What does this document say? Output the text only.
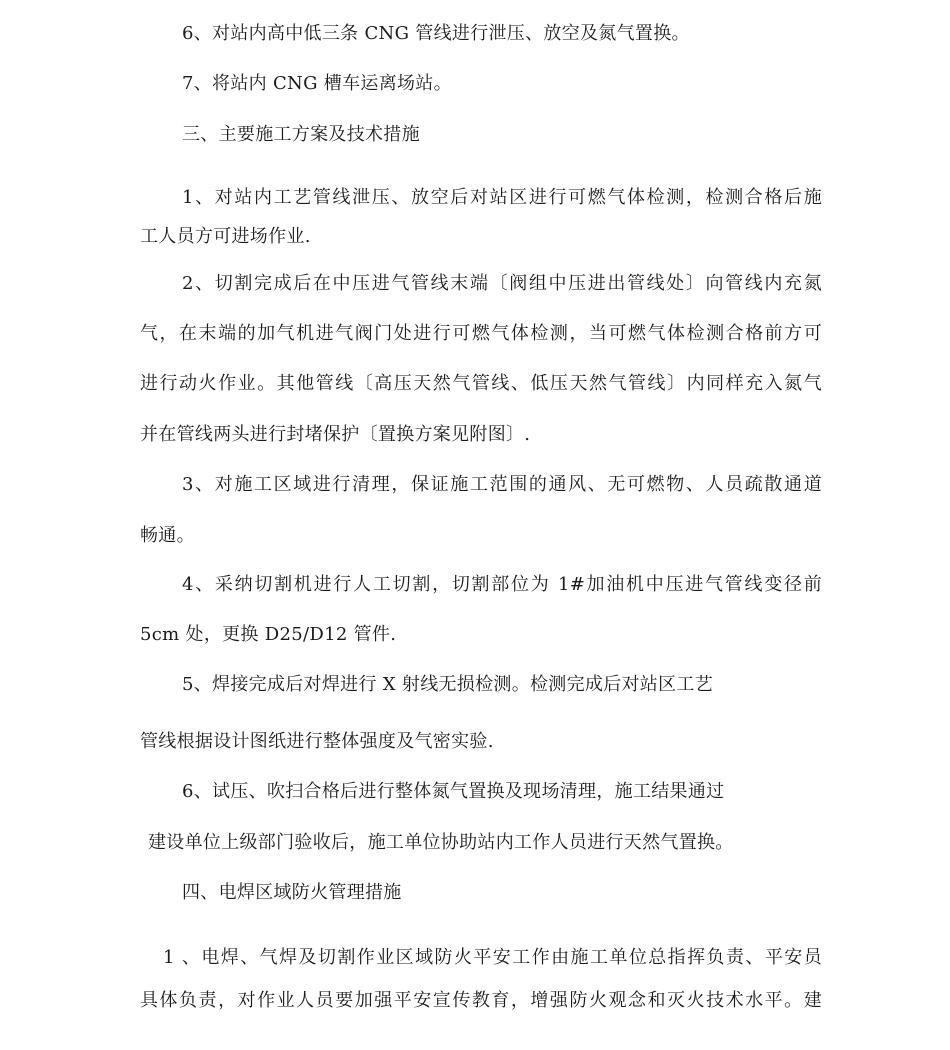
6、对站内高中低三条 CNG 管线进行泄压、放空及氮气置换。
7、将站内 CNG 槽车运离场站。
三、主要施工方案及技术措施
1、对站内工艺管线泄压、放空后对站区进行可燃气体检测，检测合格后施
工人员方可进场作业.
2、切割完成后在中压进气管线末端〔阀组中压进出管线处〕向管线内充氮
气，在末端的加气机进气阀门处进行可燃气体检测，当可燃气体检测合格前方可
进行动火作业。其他管线〔高压天然气管线、低压天然气管线〕内同样充入氮气
并在管线两头进行封堵保护〔置换方案见附图〕.
3、对施工区域进行清理，保证施工范围的通风、无可燃物、人员疏散通道
畅通。
4、采纳切割机进行人工切割，切割部位为 1#加油机中压进气管线变径前
5cm 处，更换 D25/D12 管件.
5、焊接完成后对焊进行 X 射线无损检测。检测完成后对站区工艺
管线根据设计图纸进行整体强度及气密实验.
6、试压、吹扫合格后进行整体氮气置换及现场清理，施工结果通过
建设单位上级部门验收后，施工单位协助站内工作人员进行天然气置换。
四、电焊区域防火管理措施
1 、电焊、气焊及切割作业区域防火平安工作由施工单位总指挥负责、平安员
具体负责，对作业人员要加强平安宣传教育，增强防火观念和灭火技术水平。建
